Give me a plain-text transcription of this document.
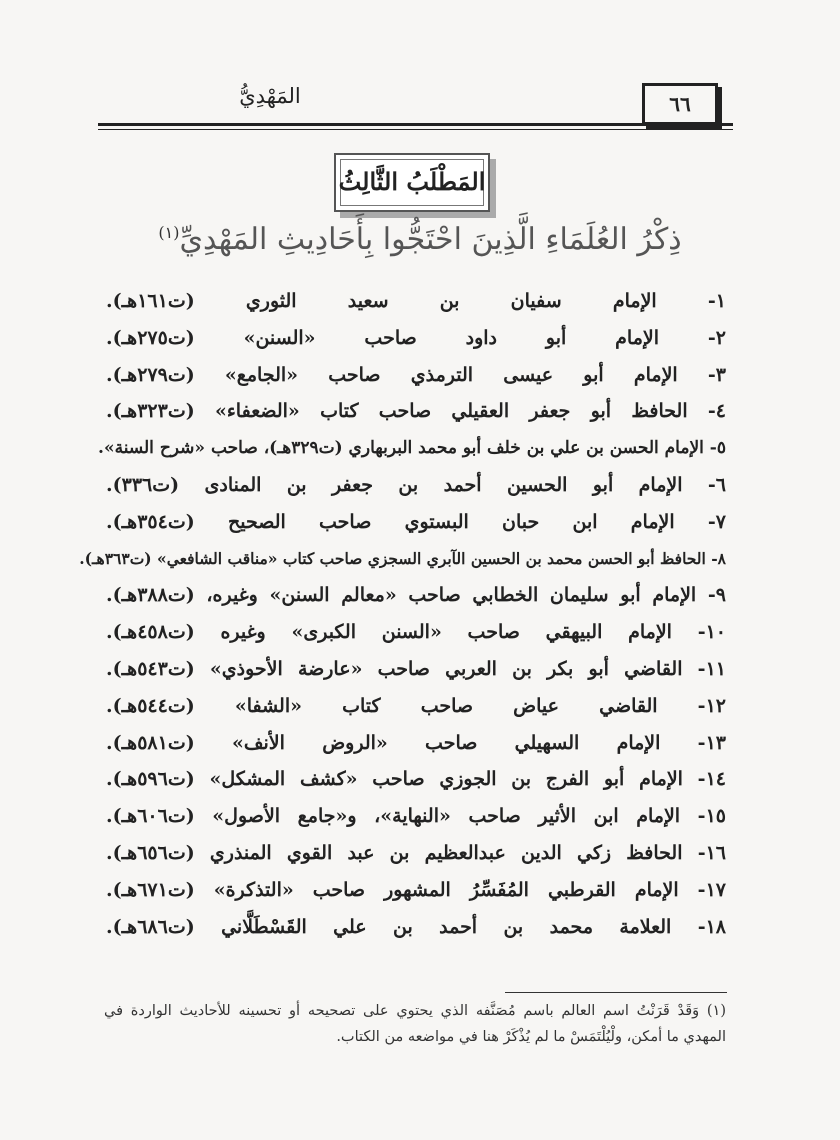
٦٦
المَهْدِيُّ
المَطْلَبُ الثَّالِثُ
ذِكْرُ العُلَمَاءِ الَّذِينَ احْتَجُّوا بِأَحَادِيثِ المَهْدِيِّ$^{(١)}$
١- الإمام سفيان بن سعيد الثوري (ت١٦١هـ).
٢- الإمام أبو داود صاحب «السنن» (ت٢٧٥هـ).
٣- الإمام أبو عيسى الترمذي صاحب «الجامع» (ت٢٧٩هـ).
٤- الحافظ أبو جعفر العقيلي صاحب كتاب «الضعفاء» (ت٣٢٣هـ).
٥- الإمام الحسن بن علي بن خلف أبو محمد البربهاري (ت٣٢٩هـ)، صاحب «شرح السنة».
٦- الإمام أبو الحسين أحمد بن جعفر بن المنادى (ت٣٣٦).
٧- الإمام ابن حبان البستوي صاحب الصحيح (ت٣٥٤هـ).
٨- الحافظ أبو الحسن محمد بن الحسين الآبري السجزي صاحب كتاب «مناقب الشافعي» (ت٣٦٣هـ).
٩- الإمام أبو سليمان الخطابي صاحب «معالم السنن» وغيره، (ت٣٨٨هـ).
١٠- الإمام البيهقي صاحب «السنن الكبرى» وغيره (ت٤٥٨هـ).
١١- القاضي أبو بكر بن العربي صاحب «عارضة الأحوذي» (ت٥٤٣هـ).
١٢- القاضي عياض صاحب كتاب «الشفا» (ت٥٤٤هـ).
١٣- الإمام السهيلي صاحب «الروض الأنف» (ت٥٨١هـ).
١٤- الإمام أبو الفرج بن الجوزي صاحب «كشف المشكل» (ت٥٩٦هـ).
١٥- الإمام ابن الأثير صاحب «النهاية»، و«جامع الأصول» (ت٦٠٦هـ).
١٦- الحافظ زكي الدين عبدالعظيم بن عبد القوي المنذري (ت٦٥٦هـ).
١٧- الإمام القرطبي المُفَسِّرُ المشهور صاحب «التذكرة» (ت٦٧١هـ).
١٨- العلامة محمد بن أحمد بن علي القَسْطَلَّاني (ت٦٨٦هـ).
(١) وَقَدْ قَرَنْتُ اسم العالم باسم مُصَنَّفه الذي يحتوي على تصحيحه أو تحسينه للأحاديث الواردة في المهدي ما أمكن، ولْيُلْتَمَسْ ما لم يُذْكَرْ هنا في مواضعه من الكتاب.
